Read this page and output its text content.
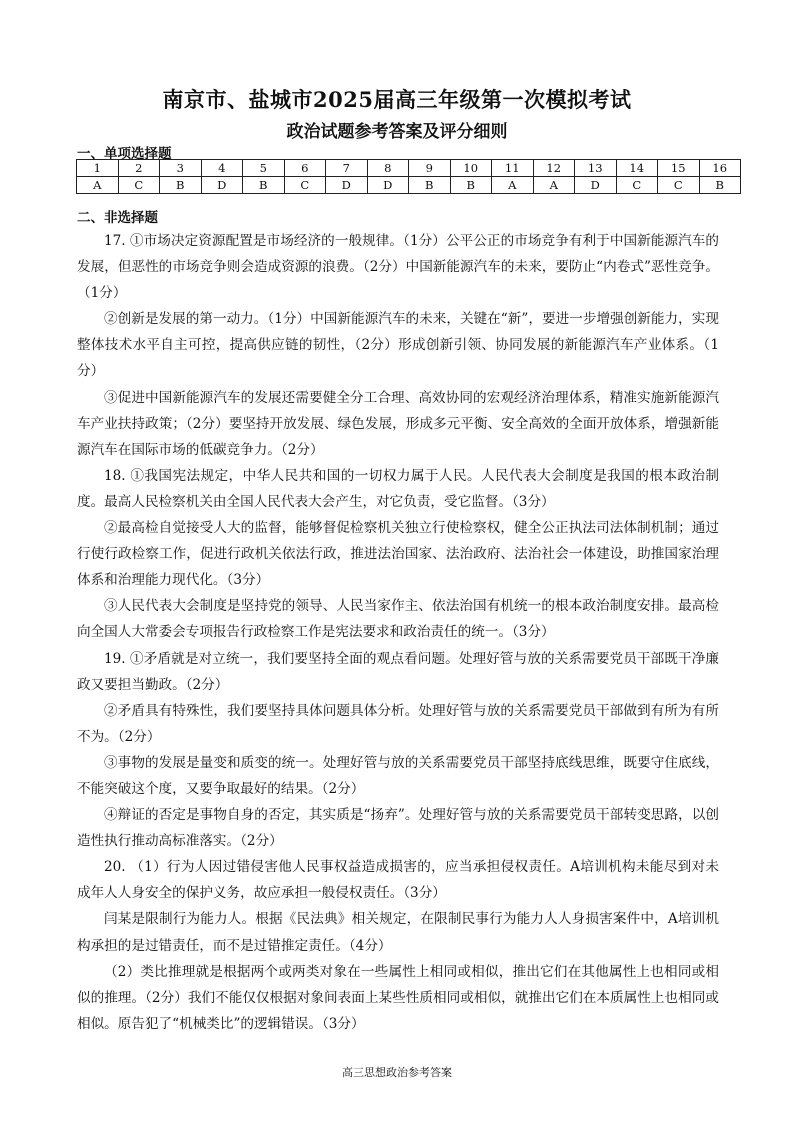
南京市、盐城市2025届高三年级第一次模拟考试
政治试题参考答案及评分细则
一、单项选择题
1	2	3	4	5	6	7	8	9	10	11	12	13	14	15	16
A	C	B	D	B	C	D	D	B	B	A	A	D	C	C	B
二、非选择题

17. ①市场决定资源配置是市场经济的一般规律。（1分）公平公正的市场竞争有利于中国新能源汽车的发展，但恶性的市场竞争则会造成资源的浪费。（2分）中国新能源汽车的未来，要防止“内卷式”恶性竞争。（1分）

②创新是发展的第一动力。（1分）中国新能源汽车的未来，关键在“新”，要进一步增强创新能力，实现整体技术水平自主可控，提高供应链的韧性，（2分）形成创新引领、协同发展的新能源汽车产业体系。（1分）

③促进中国新能源汽车的发展还需要健全分工合理、高效协同的宏观经济治理体系，精准实施新能源汽车产业扶持政策；（2分）要坚持开放发展、绿色发展，形成多元平衡、安全高效的全面开放体系，增强新能源汽车在国际市场的低碳竞争力。（2分）

18. ①我国宪法规定，中华人民共和国的一切权力属于人民。人民代表大会制度是我国的根本政治制度。最高人民检察机关由全国人民代表大会产生，对它负责，受它监督。（3分）

②最高检自觉接受人大的监督，能够督促检察机关独立行使检察权，健全公正执法司法体制机制；通过行使行政检察工作，促进行政机关依法行政，推进法治国家、法治政府、法治社会一体建设，助推国家治理体系和治理能力现代化。（3分）

③人民代表大会制度是坚持党的领导、人民当家作主、依法治国有机统一的根本政治制度安排。最高检向全国人大常委会专项报告行政检察工作是宪法要求和政治责任的统一。（3分）

19. ①矛盾就是对立统一，我们要坚持全面的观点看问题。处理好管与放的关系需要党员干部既干净廉政又要担当勤政。（2分）

②矛盾具有特殊性，我们要坚持具体问题具体分析。处理好管与放的关系需要党员干部做到有所为有所不为。（2分）

③事物的发展是量变和质变的统一。处理好管与放的关系需要党员干部坚持底线思维，既要守住底线，不能突破这个度，又要争取最好的结果。（2分）

④辩证的否定是事物自身的否定，其实质是“扬弃”。处理好管与放的关系需要党员干部转变思路，以创造性执行推动高标准落实。（2分）

20. （1）行为人因过错侵害他人民事权益造成损害的，应当承担侵权责任。A培训机构未能尽到对未成年人人身安全的保护义务，故应承担一般侵权责任。（3分）

闫某是限制行为能力人。根据《民法典》相关规定，在限制民事行为能力人人身损害案件中，A培训机构承担的是过错责任，而不是过错推定责任。（4分）

（2）类比推理就是根据两个或两类对象在一些属性上相同或相似，推出它们在其他属性上也相同或相似的推理。（2分）我们不能仅仅根据对象间表面上某些性质相同或相似，就推出它们在本质属性上也相同或相似。原告犯了“机械类比”的逻辑错误。（3分）

高三思想政治参考答案
